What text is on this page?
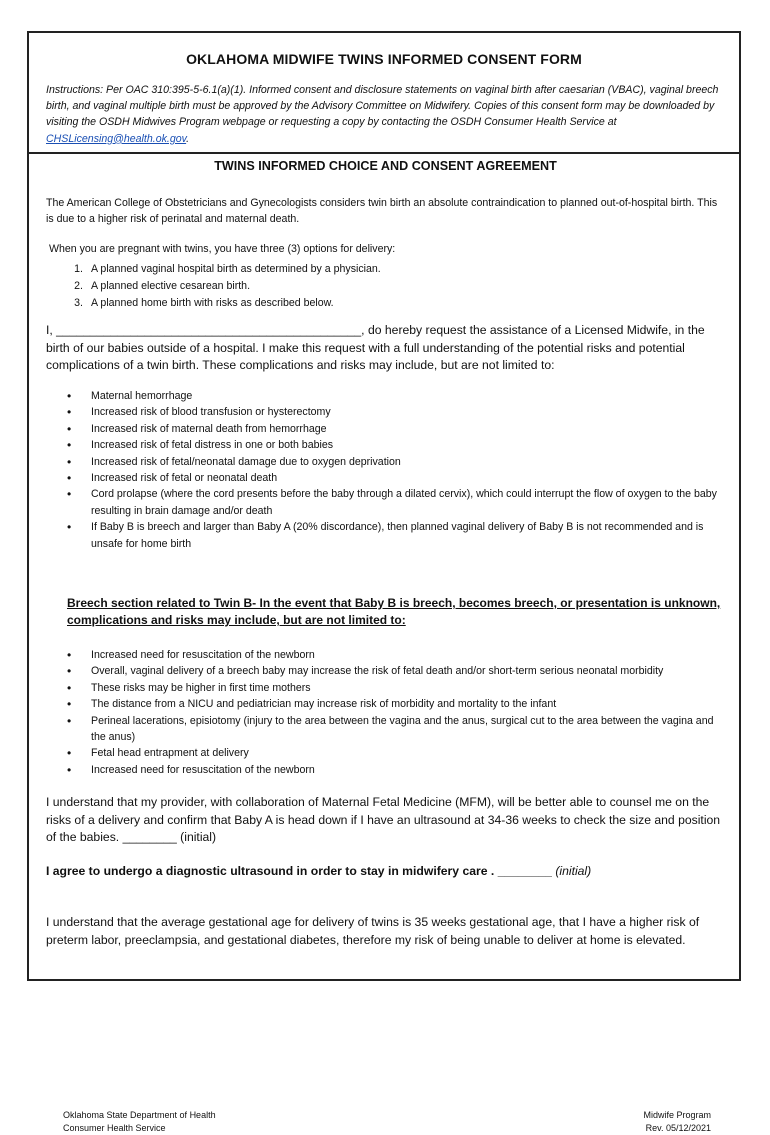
OKLAHOMA MIDWIFE TWINS INFORMED CONSENT FORM
Instructions: Per OAC 310:395-5-6.1(a)(1). Informed consent and disclosure statements on vaginal birth after caesarian (VBAC), vaginal breech birth, and vaginal multiple birth must be approved by the Advisory Committee on Midwifery. Copies of this consent form may be downloaded by visiting the OSDH Midwives Program webpage or requesting a copy by contacting the OSDH Consumer Health Service at CHSLicensing@health.ok.gov.
TWINS INFORMED CHOICE AND CONSENT AGREEMENT

The American College of Obstetricians and Gynecologists considers twin birth an absolute contraindication to planned out-of-hospital birth. This is due to a higher risk of perinatal and maternal death.

When you are pregnant with twins, you have three (3) options for delivery:

1. A planned vaginal hospital birth as determined by a physician.
2. A planned elective cesarean birth.
3. A planned home birth with risks as described below.

I, _____________________________________________, do hereby request the assistance of a Licensed Midwife, in the birth of our babies outside of a hospital. I make this request with a full understanding of the potential risks and potential complications of a twin birth. These complications and risks may include, but are not limited to:

• Maternal hemorrhage
• Increased risk of blood transfusion or hysterectomy
• Increased risk of maternal death from hemorrhage
• Increased risk of fetal distress in one or both babies
• Increased risk of fetal/neonatal damage due to oxygen deprivation
• Increased risk of fetal or neonatal death
• Cord prolapse (where the cord presents before the baby through a dilated cervix), which could interrupt the flow of oxygen to the baby resulting in brain damage and/or death
• If Baby B is breech and larger than Baby A (20% discordance), then planned vaginal delivery of Baby B is not recommended and is unsafe for home birth
Breech section related to Twin B- In the event that Baby B is breech, becomes breech, or presentation is unknown, complications and risks may include, but are not limited to:
• Increased need for resuscitation of the newborn
• Overall, vaginal delivery of a breech baby may increase the risk of fetal death and/or short-term serious neonatal morbidity
• These risks may be higher in first time mothers
• The distance from a NICU and pediatrician may increase risk of morbidity and mortality to the infant
• Perineal lacerations, episiotomy (injury to the area between the vagina and the anus, surgical cut to the area between the vagina and the anus)
• Fetal head entrapment at delivery
• Increased need for resuscitation of the newborn

I understand that my provider, with collaboration of Maternal Fetal Medicine (MFM), will be better able to counsel me on the risks of a delivery and confirm that Baby A is head down if I have an ultrasound at 34-36 weeks to check the size and position of the babies. ________ (initial)

I agree to undergo a diagnostic ultrasound in order to stay in midwifery care . ________ (initial)

I understand that the average gestational age for delivery of twins is 35 weeks gestational age, that I have a higher risk of preterm labor, preeclampsia, and gestational diabetes, therefore my risk of being unable to deliver at home is elevated.

Oklahoma State Department of Health
Consumer Health Service
Midwife Program
Rev. 05/12/2021
